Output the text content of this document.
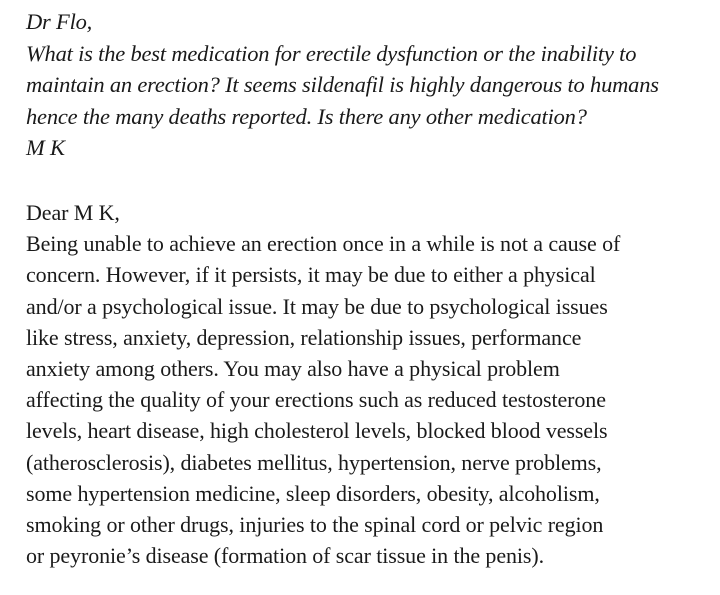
Dr Flo,
What is the best medication for erectile dysfunction or the inability to
maintain an erection? It seems sildenafil is highly dangerous to humans
hence the many deaths reported. Is there any other medication?
M K
Dear M K,
Being unable to achieve an erection once in a while is not a cause of
concern. However, if it persists, it may be due to either a physical
and/or a psychological issue. It may be due to psychological issues
like stress, anxiety, depression, relationship issues, performance
anxiety among others. You may also have a physical problem
affecting the quality of your erections such as reduced testosterone
levels, heart disease, high cholesterol levels, blocked blood vessels
(atherosclerosis), diabetes mellitus, hypertension, nerve problems,
some hypertension medicine, sleep disorders, obesity, alcoholism,
smoking or other drugs, injuries to the spinal cord or pelvic region
or peyronie’s disease (formation of scar tissue in the penis).
